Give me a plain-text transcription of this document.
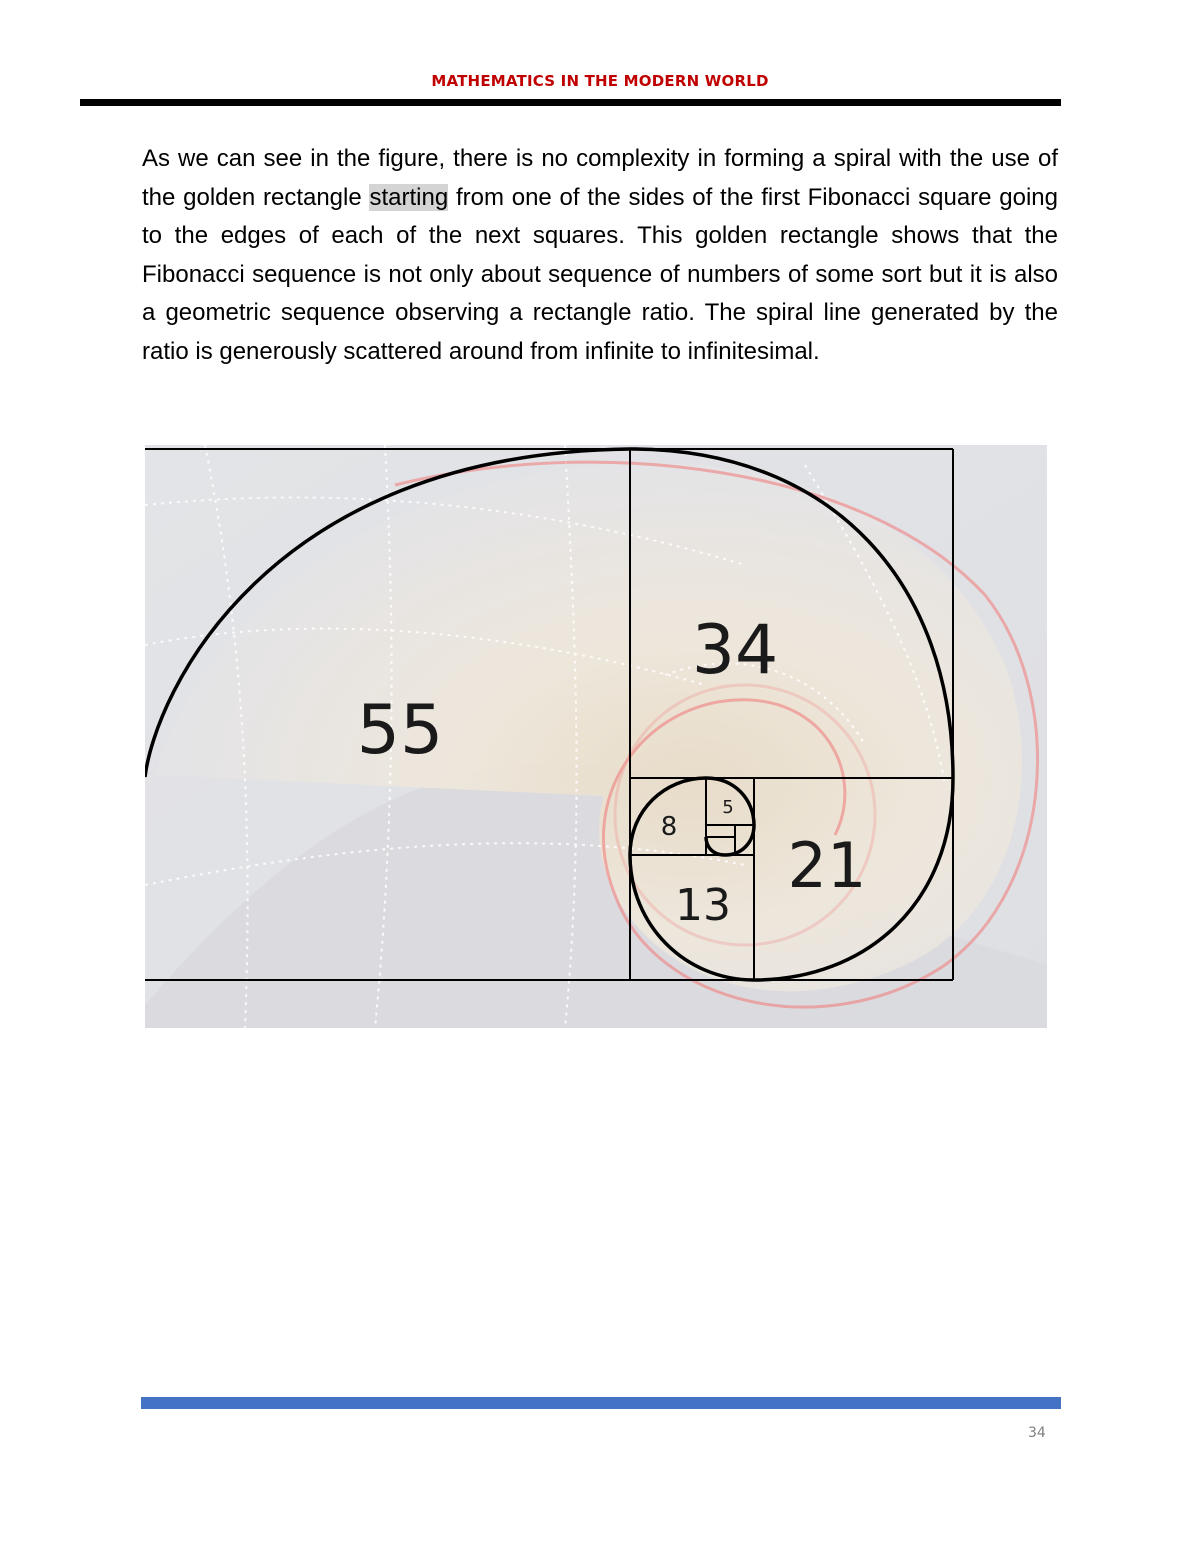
MATHEMATICS IN THE MODERN WORLD

As we can see in the figure, there is no complexity in forming a spiral with the use of the golden rectangle starting from one of the sides of the first Fibonacci square going to the edges of each of the next squares. This golden rectangle shows that the Fibonacci sequence is not only about sequence of numbers of some sort but it is also a geometric sequence observing a rectangle ratio. The spiral line generated by the ratio is generously scattered around from infinite to infinitesimal.

55
34
21
13
8
5
34
